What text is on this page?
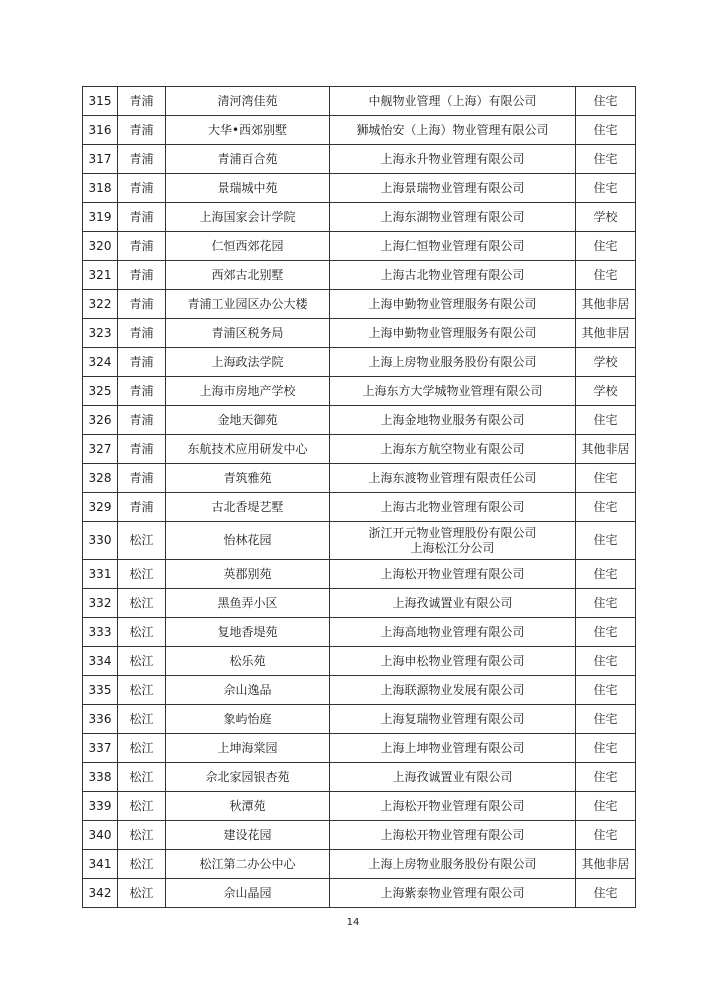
315	青浦	清河湾佳苑	中舰物业管理（上海）有限公司	住宅
316	青浦	大华•西郊别墅	狮城怡安（上海）物业管理有限公司	住宅
317	青浦	青浦百合苑	上海永升物业管理有限公司	住宅
318	青浦	景瑞城中苑	上海景瑞物业管理有限公司	住宅
319	青浦	上海国家会计学院	上海东湖物业管理有限公司	学校
320	青浦	仁恒西郊花园	上海仁恒物业管理有限公司	住宅
321	青浦	西郊古北别墅	上海古北物业管理有限公司	住宅
322	青浦	青浦工业园区办公大楼	上海申勤物业管理服务有限公司	其他非居
323	青浦	青浦区税务局	上海申勤物业管理服务有限公司	其他非居
324	青浦	上海政法学院	上海上房物业服务股份有限公司	学校
325	青浦	上海市房地产学校	上海东方大学城物业管理有限公司	学校
326	青浦	金地天御苑	上海金地物业服务有限公司	住宅
327	青浦	东航技术应用研发中心	上海东方航空物业有限公司	其他非居
328	青浦	青筑雅苑	上海东渡物业管理有限责任公司	住宅
329	青浦	古北香堤艺墅	上海古北物业管理有限公司	住宅
330	松江	怡林花园	浙江开元物业管理股份有限公司
上海松江分公司	住宅
331	松江	英郡别苑	上海松开物业管理有限公司	住宅
332	松江	黑鱼弄小区	上海孜诚置业有限公司	住宅
333	松江	复地香堤苑	上海高地物业管理有限公司	住宅
334	松江	松乐苑	上海申松物业管理有限公司	住宅
335	松江	佘山逸品	上海联源物业发展有限公司	住宅
336	松江	象屿怡庭	上海复瑞物业管理有限公司	住宅
337	松江	上坤海棠园	上海上坤物业管理有限公司	住宅
338	松江	佘北家园银杏苑	上海孜诚置业有限公司	住宅
339	松江	秋潭苑	上海松开物业管理有限公司	住宅
340	松江	建设花园	上海松开物业管理有限公司	住宅
341	松江	松江第二办公中心	上海上房物业服务股份有限公司	其他非居
342	松江	佘山晶园	上海紫泰物业管理有限公司	住宅
14
